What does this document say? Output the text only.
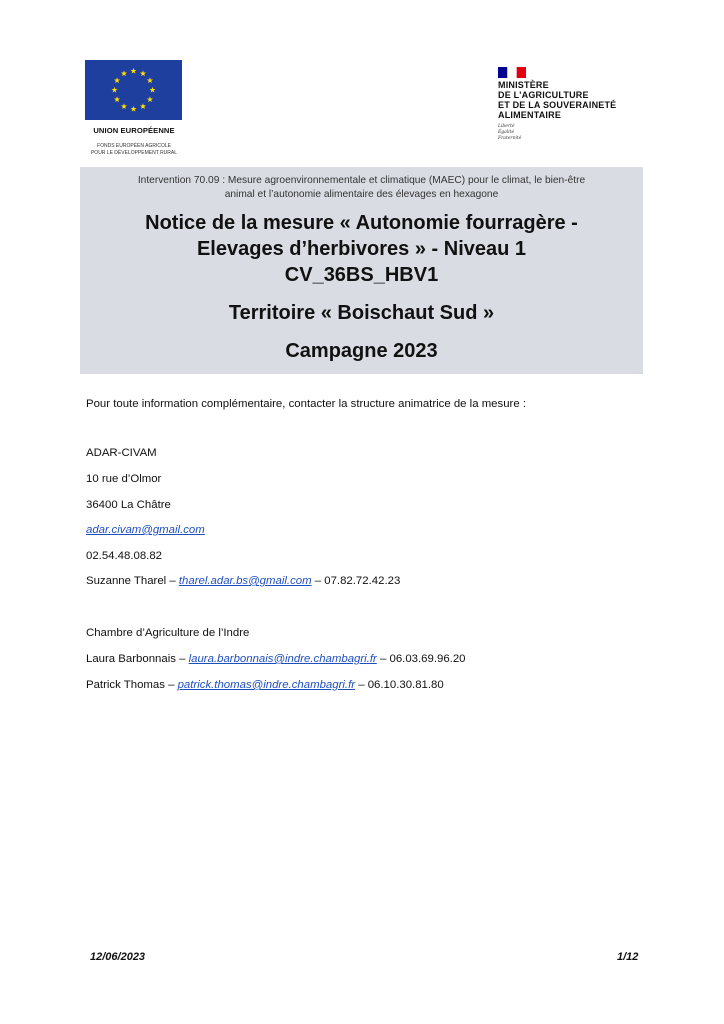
UNION EUROPÉENNE
FONDS EUROPÉEN AGRICOLE
POUR LE DÉVELOPPEMENT RURAL
MINISTÈRE
DE L'AGRICULTURE
ET DE LA SOUVERAINETÉ
ALIMENTAIRE
Liberté
Égalité
Fraternité
Intervention 70.09 : Mesure agroenvironnementale et climatique (MAEC) pour le climat, le bien-être
animal et l’autonomie alimentaire des élevages en hexagone
Notice de la mesure « Autonomie fourragère -
Elevages d’herbivores » - Niveau 1
CV_36BS_HBV1
Territoire « Boischaut Sud »
Campagne 2023
Pour toute information complémentaire, contacter la structure animatrice de la mesure :
ADAR-CIVAM
10 rue d’Olmor
36400 La Châtre
adar.civam@gmail.com
02.54.48.08.82
Suzanne Tharel – tharel.adar.bs@gmail.com – 07.82.72.42.23
Chambre d’Agriculture de l’Indre
Laura Barbonnais – laura.barbonnais@indre.chambagri.fr – 06.03.69.96.20
Patrick Thomas – patrick.thomas@indre.chambagri.fr – 06.10.30.81.80
12/06/2023	1/12
